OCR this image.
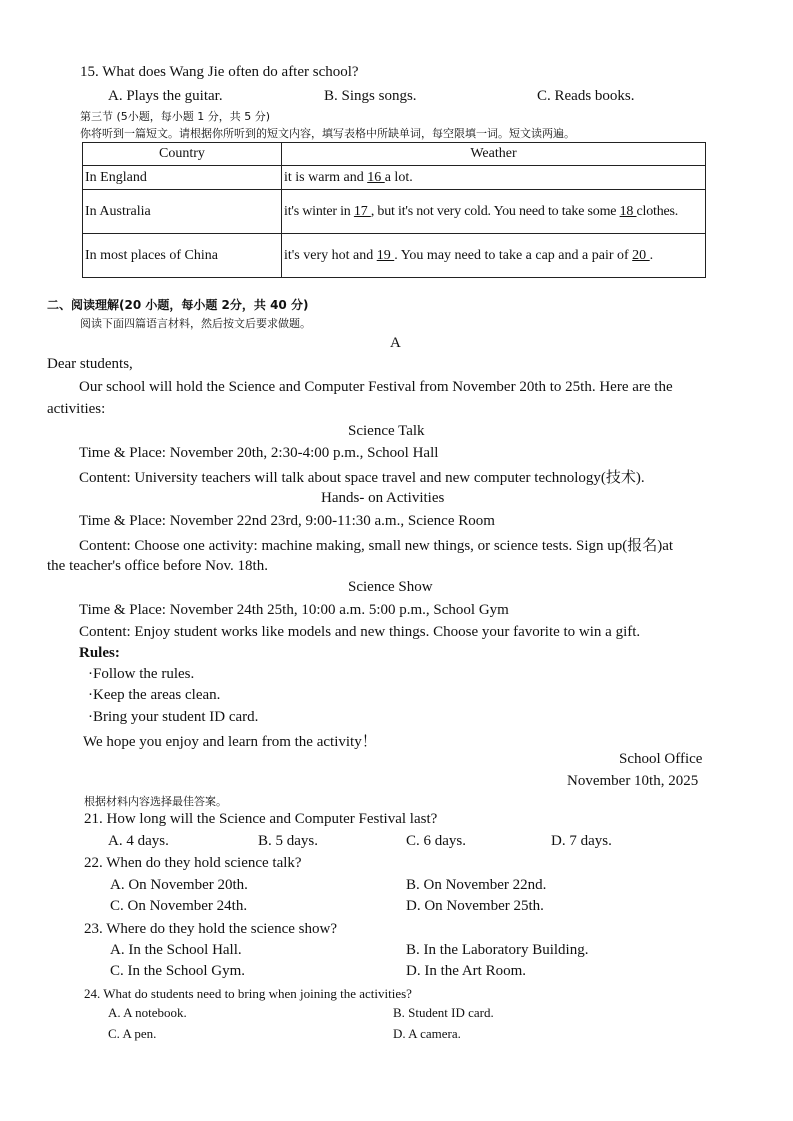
15. What does Wang Jie often do after school?
A. Plays the guitar.	B. Sings songs.	C. Reads books.
第三节 (5小题，每小题 1 分，共 5 分)
你将听到一篇短文。请根据你所听到的短文内容，填写表格中所缺单词，每空限填一词。短文读两遍。
Country	Weather
In England	it is warm and 16 a lot.
In Australia	it's winter in 17 , but it's not very cold. You need to take some 18 clothes.
In most places of China	it's very hot and 19 . You may need to take a cap and a pair of 20 .
二、阅读理解(20 小题，每小题 2分，共 40 分)
阅读下面四篇语言材料，然后按文后要求做题。
A
Dear students,
Our school will hold the Science and Computer Festival from November 20th to 25th. Here are the
activities:
Science Talk
Time & Place: November 20th, 2:30-4:00 p.m., School Hall
Content: University teachers will talk about space travel and new computer technology(技术).
Hands- on Activities
Time & Place: November 22nd 23rd, 9:00-11:30 a.m., Science Room
Content: Choose one activity: machine making, small new things, or science tests. Sign up(报名)at
the teacher's office before Nov. 18th.
Science Show
Time & Place: November 24th 25th, 10:00 a.m. 5:00 p.m., School Gym
Content: Enjoy student works like models and new things. Choose your favorite to win a gift.
Rules:
·Follow the rules.
·Keep the areas clean.
·Bring your student ID card.
We hope you enjoy and learn from the activity！
School Office
November 10th, 2025
根据材料内容选择最佳答案。
21. How long will the Science and Computer Festival last?
A. 4 days.	B. 5 days.	C. 6 days.	D. 7 days.
22. When do they hold science talk?
A. On November 20th.	B. On November 22nd.
C. On November 24th.	D. On November 25th.
23. Where do they hold the science show?
A. In the School Hall.	B. In the Laboratory Building.
C. In the School Gym.	D. In the Art Room.
24. What do students need to bring when joining the activities?
A. A notebook.	B. Student ID card.
C. A pen.	D. A camera.
